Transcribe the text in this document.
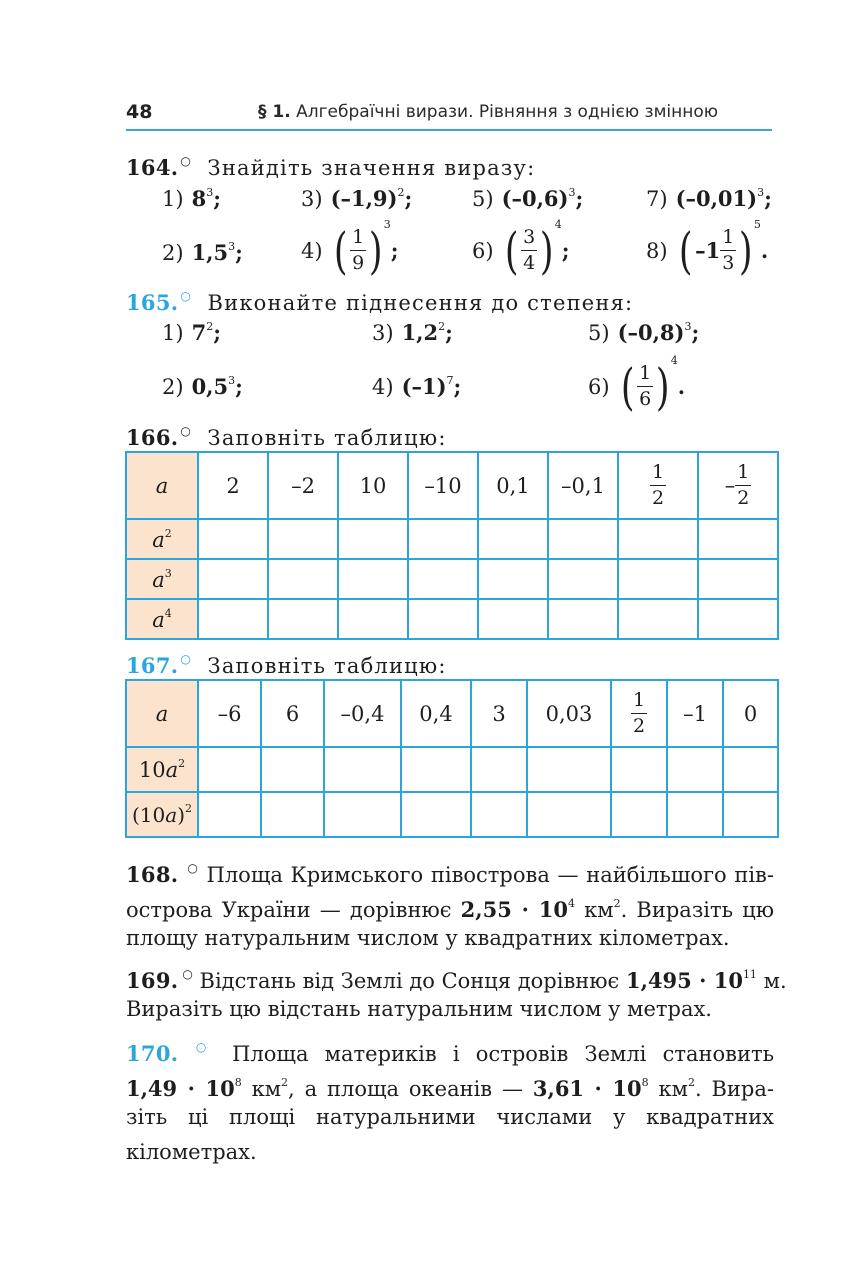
48	§ 1. Алгебраїчні вирази. Рівняння з однією змінною
164. ○ Знайдіть значення виразу:
1) $8^3$;	3) $(-1,9)^2$;	5) $(-0,6)^3$;	7) $(-0,01)^3$;
2) $1,5^3$;	4) ( $\frac{1}{9} )^3$;	6) ( $\frac{3}{4} )^4$;	8) ( $-1 \frac{1}{3} )^5$.
165. ○ Виконайте піднесення до степеня:
1) $7^2$;	3) $1,2^2$;	5) $(-0,8)^3$;
2) $0,5^3$;	4) $(-1)^7$;	6) ( $\frac{1}{6} )^4$.
166. ○ Заповніть таблицю:
a	2	–2	10	–10	0,1	–0,1	$\frac{1}{2}$	– $\frac{1}{2}$

$a^2$								
$a^3$								
$a^4$								
167. ○ Заповніть таблицю:
a	–6	6	–0,4	0,4	3	0,03	$\frac{1}{2}$	–1	0
$10a^2$									
$(10a)^2$									
168. ○ Площа Кримського півострова — найбільшого пів-
острова України — дорівнює $2,55 \cdot 10^4$ $км^2$. Виразіть цю
площу натуральним числом у квадратних кілометрах.
169. ○ Відстань від Землі до Сонця дорівнює $1,495 \cdot 10^{11}$ м.
Виразіть цю відстань натуральним числом у метрах.
170. ○ Площа материків і островів Землі становить
$1,49 \cdot 10^8$ $км^2$, а площа океанів — $3,61 \cdot 10^8$ $км^2$. Вира-
зіть ці площі натуральними числами у квадратних
кілометрах.
